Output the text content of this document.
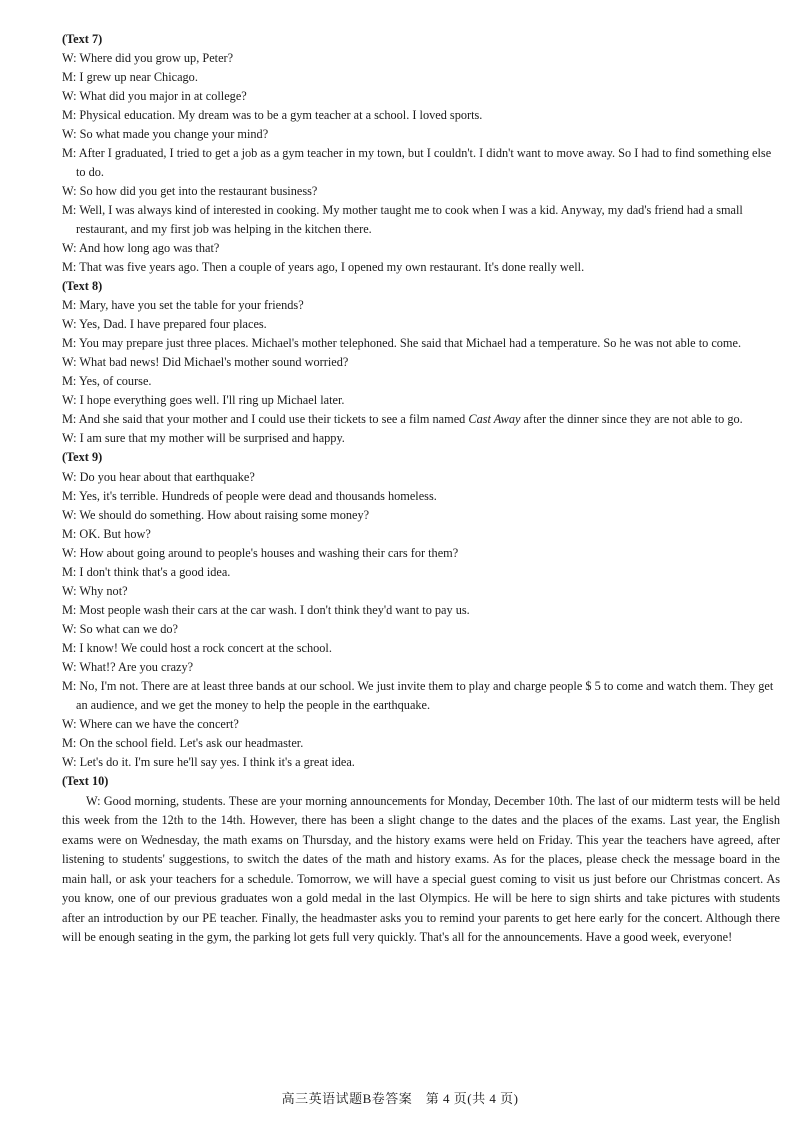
(Text 7)
W: Where did you grow up, Peter?
M: I grew up near Chicago.
W: What did you major in at college?
M: Physical education. My dream was to be a gym teacher at a school. I loved sports.
W: So what made you change your mind?
M: After I graduated, I tried to get a job as a gym teacher in my town, but I couldn't. I didn't want to move away. So I had to find something else to do.
W: So how did you get into the restaurant business?
M: Well, I was always kind of interested in cooking. My mother taught me to cook when I was a kid. Anyway, my dad's friend had a small restaurant, and my first job was helping in the kitchen there.
W: And how long ago was that?
M: That was five years ago. Then a couple of years ago, I opened my own restaurant. It's done really well.
(Text 8)
M: Mary, have you set the table for your friends?
W: Yes, Dad. I have prepared four places.
M: You may prepare just three places. Michael's mother telephoned. She said that Michael had a temperature. So he was not able to come.
W: What bad news! Did Michael's mother sound worried?
M: Yes, of course.
W: I hope everything goes well. I'll ring up Michael later.
M: And she said that your mother and I could use their tickets to see a film named Cast Away after the dinner since they are not able to go.
W: I am sure that my mother will be surprised and happy.
(Text 9)
W: Do you hear about that earthquake?
M: Yes, it's terrible. Hundreds of people were dead and thousands homeless.
W: We should do something. How about raising some money?
M: OK. But how?
W: How about going around to people's houses and washing their cars for them?
M: I don't think that's a good idea.
W: Why not?
M: Most people wash their cars at the car wash. I don't think they'd want to pay us.
W: So what can we do?
M: I know! We could host a rock concert at the school.
W: What!? Are you crazy?
M: No, I'm not. There are at least three bands at our school. We just invite them to play and charge people $ 5 to come and watch them. They get an audience, and we get the money to help the people in the earthquake.
W: Where can we have the concert?
M: On the school field. Let's ask our headmaster.
W: Let's do it. I'm sure he'll say yes. I think it's a great idea.
(Text 10)
W: Good morning, students. These are your morning announcements for Monday, December 10th. The last of our midterm tests will be held this week from the 12th to the 14th. However, there has been a slight change to the dates and the places of the exams. Last year, the English exams were on Wednesday, the math exams on Thursday, and the history exams were held on Friday. This year the teachers have agreed, after listening to students' suggestions, to switch the dates of the math and history exams. As for the places, please check the message board in the main hall, or ask your teachers for a schedule. Tomorrow, we will have a special guest coming to visit us just before our Christmas concert. As you know, one of our previous graduates won a gold medal in the last Olympics. He will be here to sign shirts and take pictures with students after an introduction by our PE teacher. Finally, the headmaster asks you to remind your parents to get here early for the concert. Although there will be enough seating in the gym, the parking lot gets full very quickly. That's all for the announcements. Have a good week, everyone!
高三英语试题B卷答案　第 4 页(共 4 页)
